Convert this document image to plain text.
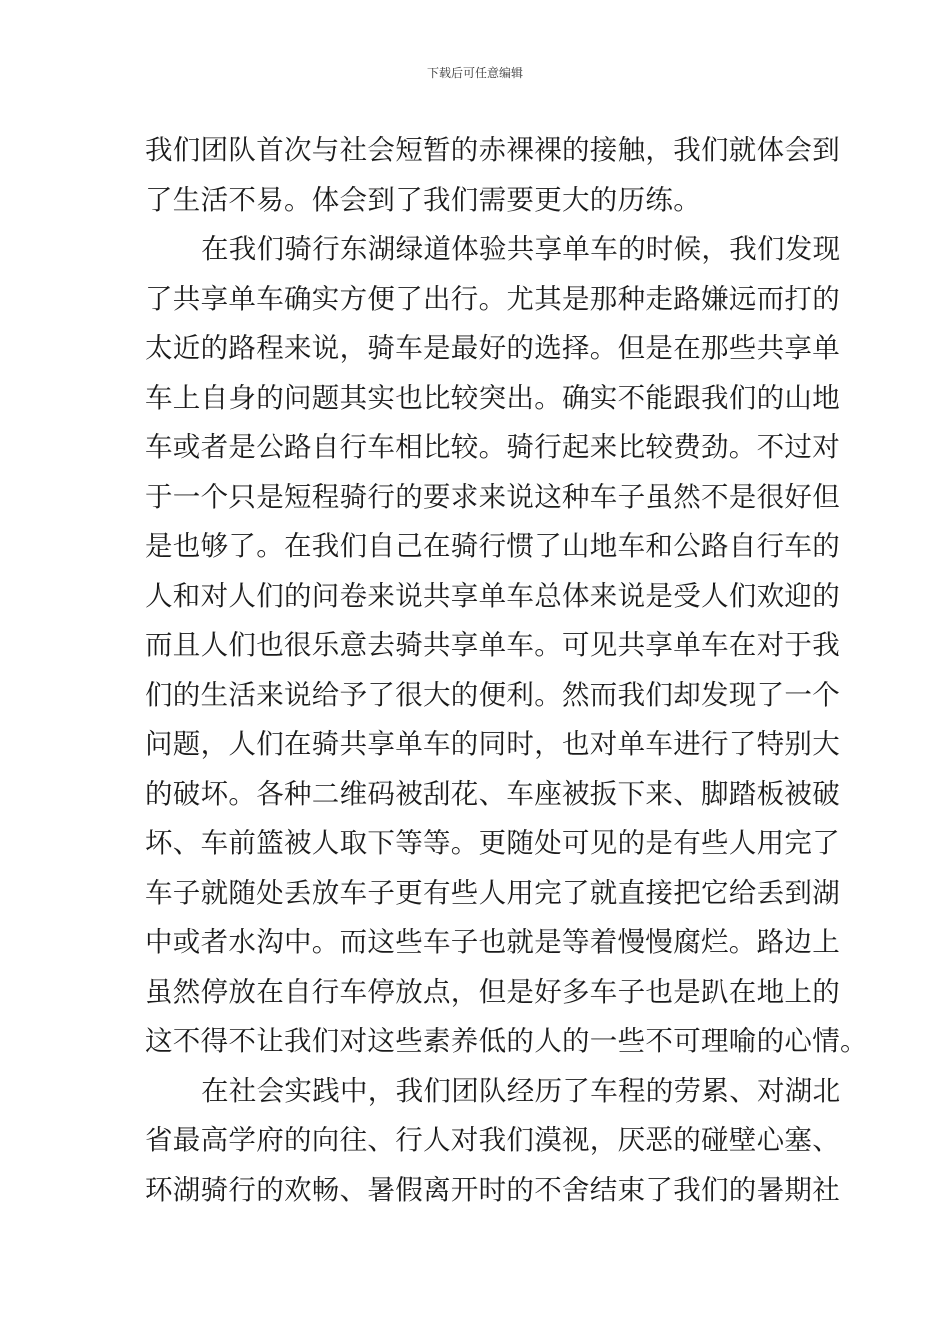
下载后可任意编辑
我们团队首次与社会短暂的赤裸裸的接触，我们就体会到
了生活不易。体会到了我们需要更大的历练。
在我们骑行东湖绿道体验共享单车的时候，我们发现
了共享单车确实方便了出行。尤其是那种走路嫌远而打的
太近的路程来说，骑车是最好的选择。但是在那些共享单
车上自身的问题其实也比较突出。确实不能跟我们的山地
车或者是公路自行车相比较。骑行起来比较费劲。不过对
于一个只是短程骑行的要求来说这种车子虽然不是很好但
是也够了。在我们自己在骑行惯了山地车和公路自行车的
人和对人们的问卷来说共享单车总体来说是受人们欢迎的
而且人们也很乐意去骑共享单车。可见共享单车在对于我
们的生活来说给予了很大的便利。然而我们却发现了一个
问题，人们在骑共享单车的同时，也对单车进行了特别大
的破坏。各种二维码被刮花、车座被扳下来、脚踏板被破
坏、车前篮被人取下等等。更随处可见的是有些人用完了
车子就随处丢放车子更有些人用完了就直接把它给丢到湖
中或者水沟中。而这些车子也就是等着慢慢腐烂。路边上
虽然停放在自行车停放点，但是好多车子也是趴在地上的
这不得不让我们对这些素养低的人的一些不可理喻的心情。
在社会实践中，我们团队经历了车程的劳累、对湖北
省最高学府的向往、行人对我们漠视，厌恶的碰壁心塞、
环湖骑行的欢畅、暑假离开时的不舍结束了我们的暑期社
